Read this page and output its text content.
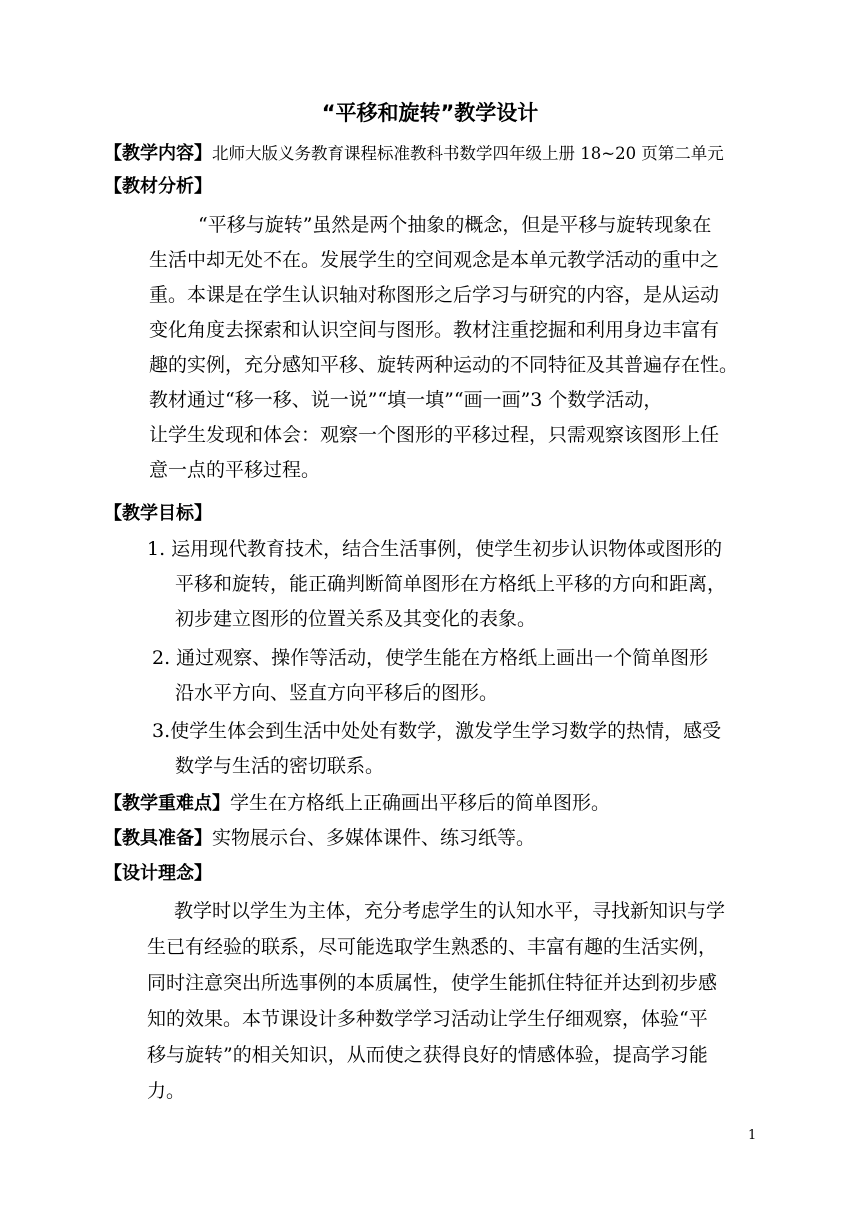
“平移和旋转”教学设计
【教学内容】北师大版义务教育课程标准教科书数学四年级上册 18~20 页第二单元
【教材分析】
“平移与旋转”虽然是两个抽象的概念，但是平移与旋转现象在
生活中却无处不在。发展学生的空间观念是本单元教学活动的重中之
重。本课是在学生认识轴对称图形之后学习与研究的内容，是从运动
变化角度去探索和认识空间与图形。教材注重挖掘和利用身边丰富有
趣的实例，充分感知平移、旋转两种运动的不同特征及其普遍存在性。
教材通过“移一移、说一说”“填一填”“画一画”3 个数学活动，
让学生发现和体会：观察一个图形的平移过程，只需观察该图形上任
意一点的平移过程。
【教学目标】
1. 运用现代教育技术，结合生活事例，使学生初步认识物体或图形的
平移和旋转，能正确判断简单图形在方格纸上平移的方向和距离，
初步建立图形的位置关系及其变化的表象。
2. 通过观察、操作等活动，使学生能在方格纸上画出一个简单图形
沿水平方向、竖直方向平移后的图形。
3.使学生体会到生活中处处有数学，激发学生学习数学的热情，感受
数学与生活的密切联系。
【教学重难点】学生在方格纸上正确画出平移后的简单图形。
【教具准备】实物展示台、多媒体课件、练习纸等。
【设计理念】
教学时以学生为主体，充分考虑学生的认知水平，寻找新知识与学
生已有经验的联系，尽可能选取学生熟悉的、丰富有趣的生活实例，
同时注意突出所选事例的本质属性，使学生能抓住特征并达到初步感
知的效果。本节课设计多种数学学习活动让学生仔细观察，体验“平
移与旋转”的相关知识，从而使之获得良好的情感体验，提高学习能
力。
1
